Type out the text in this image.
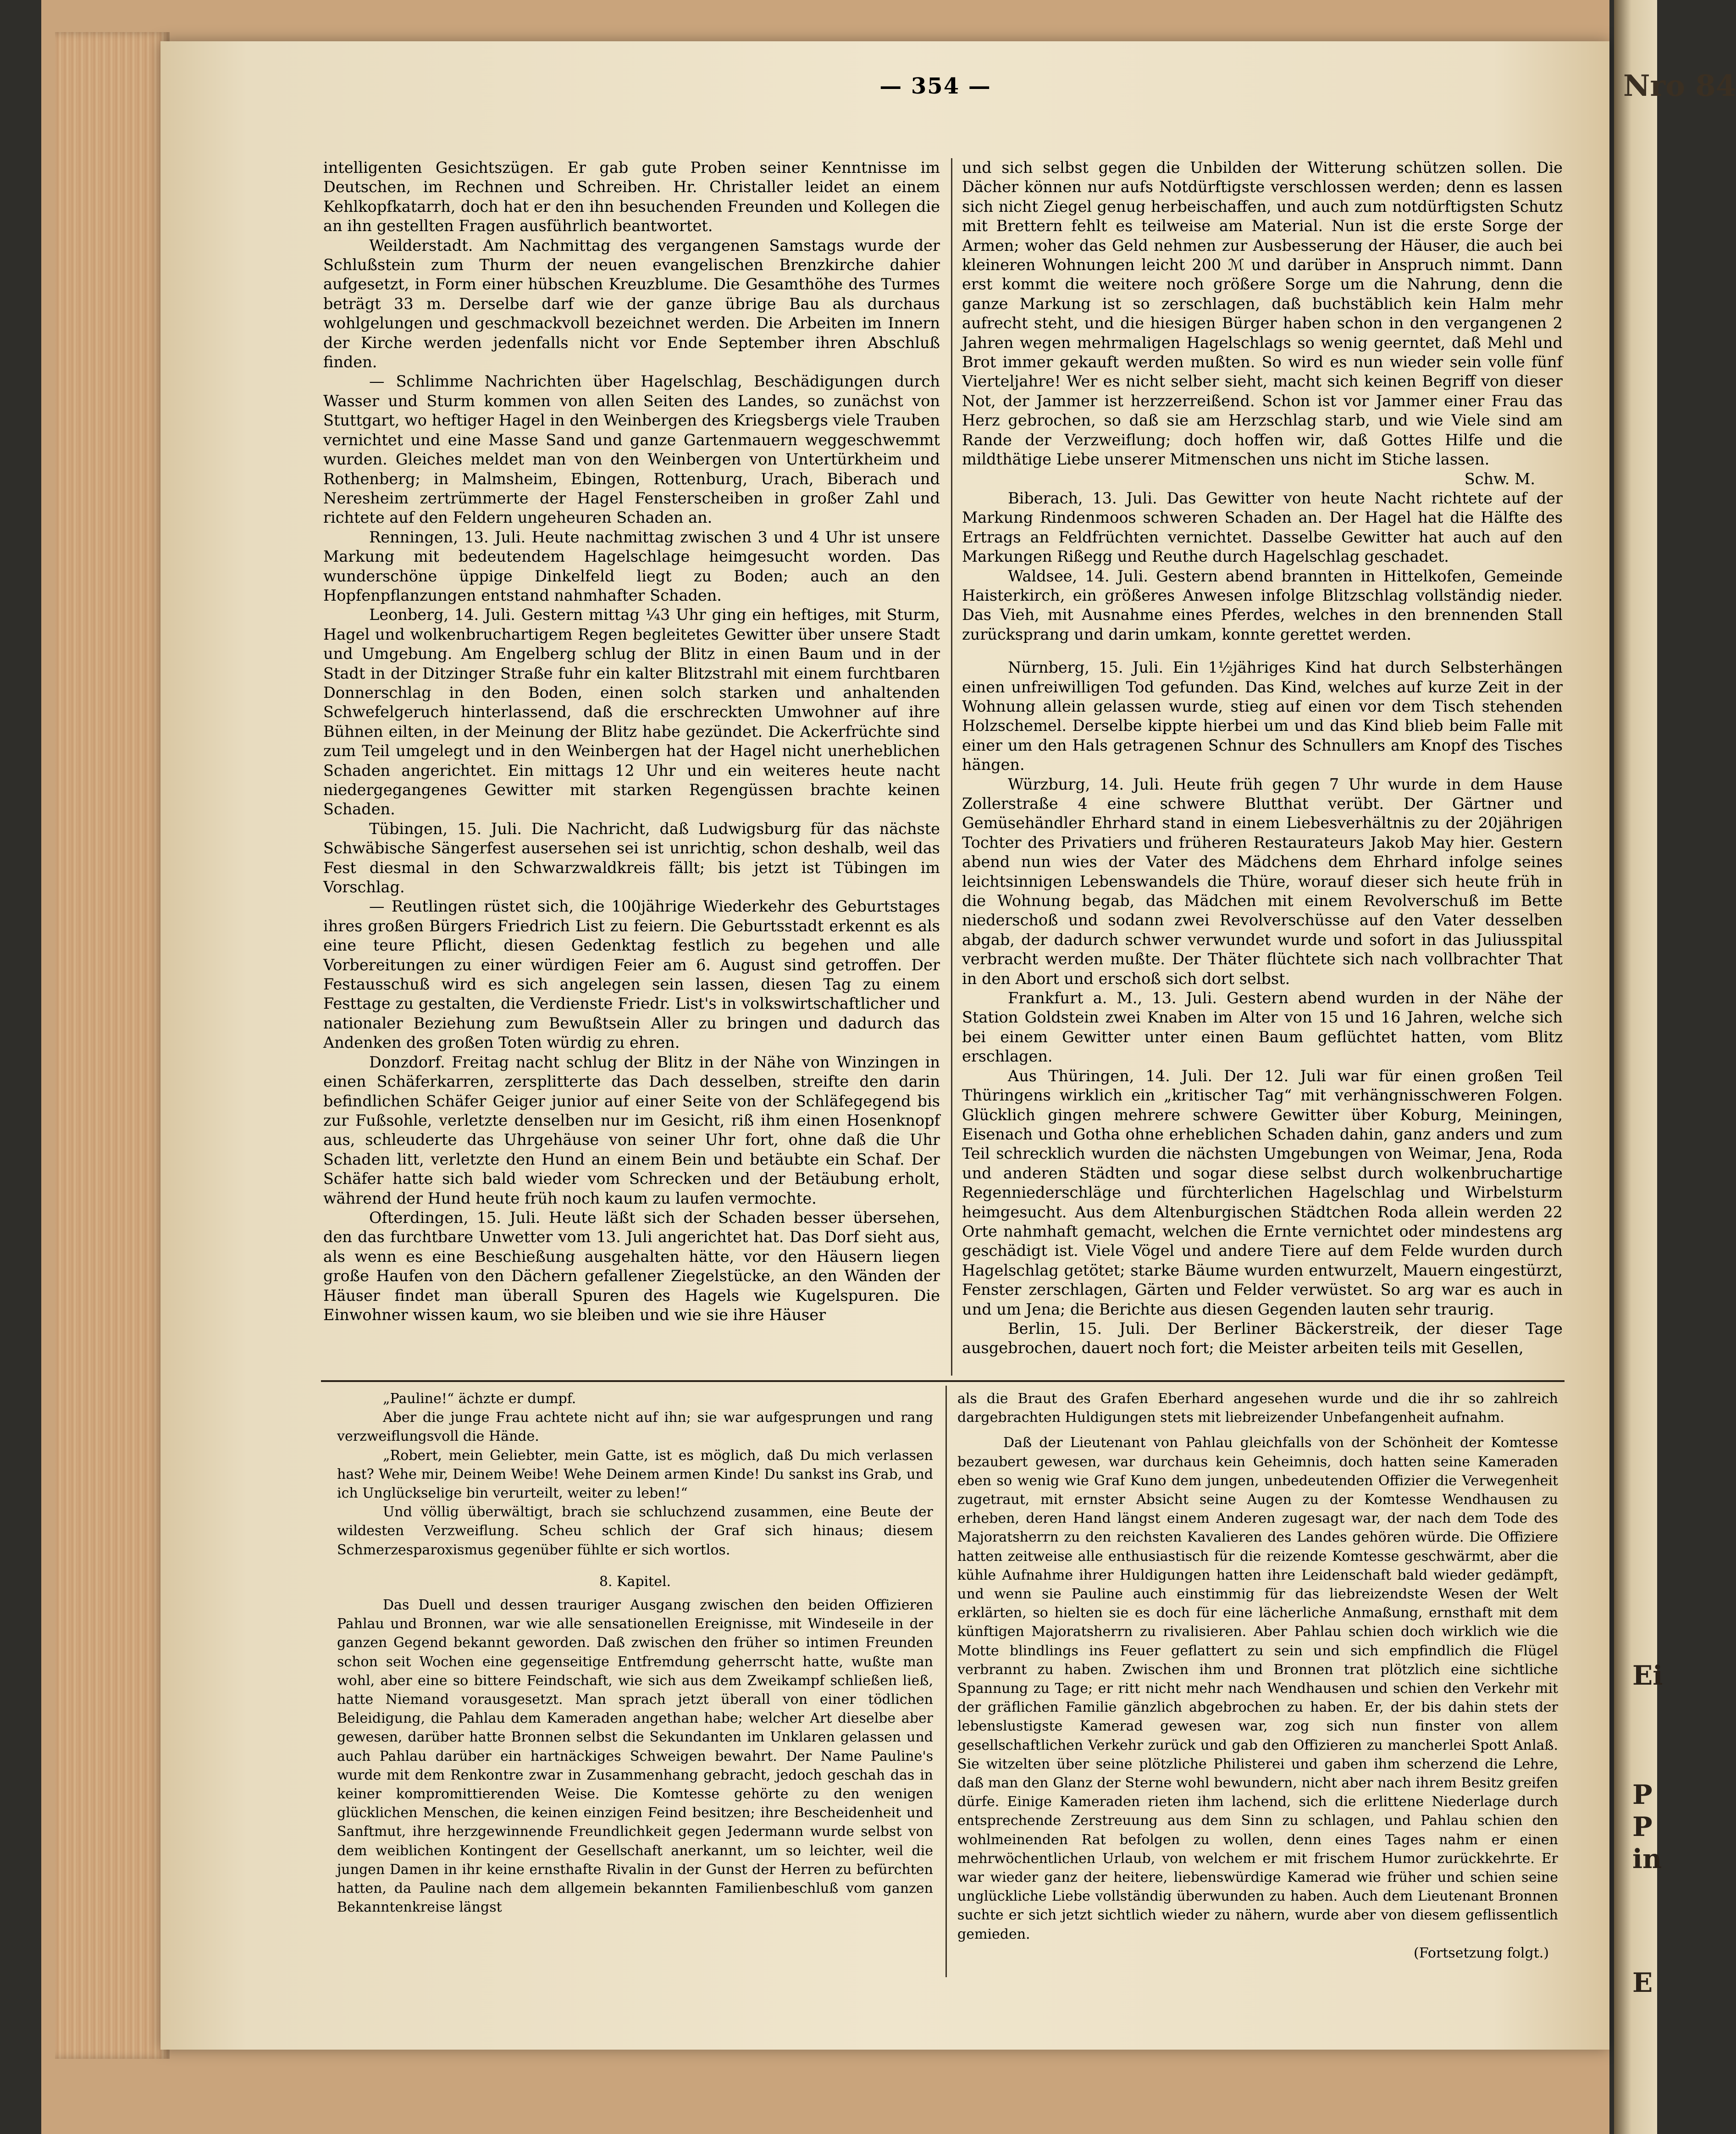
Nro 84
Ei
P
P
in
E
— 354 —

intelligenten Gesichtszügen. Er gab gute Proben seiner Kenntnisse im Deutschen, im Rechnen und Schreiben. Hr. Christaller leidet an einem Kehlkopfkatarrh, doch hat er den ihn besuchenden Freunden und Kollegen die an ihn gestellten Fragen ausführlich beantwortet.

Weilderstadt. Am Nachmittag des vergangenen Samstags wurde der Schlußstein zum Thurm der neuen evangelischen Brenzkirche dahier aufgesetzt, in Form einer hübschen Kreuzblume. Die Gesamthöhe des Turmes beträgt 33 m. Derselbe darf wie der ganze übrige Bau als durchaus wohlgelungen und geschmackvoll bezeichnet werden. Die Arbeiten im Innern der Kirche werden jedenfalls nicht vor Ende September ihren Abschluß finden.

— Schlimme Nachrichten über Hagelschlag, Beschädigungen durch Wasser und Sturm kommen von allen Seiten des Landes, so zunächst von Stuttgart, wo heftiger Hagel in den Weinbergen des Kriegsbergs viele Trauben vernichtet und eine Masse Sand und ganze Gartenmauern weggeschwemmt wurden. Gleiches meldet man von den Weinbergen von Untertürkheim und Rothenberg; in Malmsheim, Ebingen, Rottenburg, Urach, Biberach und Neresheim zertrümmerte der Hagel Fensterscheiben in großer Zahl und richtete auf den Feldern ungeheuren Schaden an.

Renningen, 13. Juli. Heute nachmittag zwischen 3 und 4 Uhr ist unsere Markung mit bedeutendem Hagelschlage heimgesucht worden. Das wunderschöne üppige Dinkelfeld liegt zu Boden; auch an den Hopfenpflanzungen entstand nahmhafter Schaden.

Leonberg, 14. Juli. Gestern mittag ¼3 Uhr ging ein heftiges, mit Sturm, Hagel und wolkenbruchartigem Regen begleitetes Gewitter über unsere Stadt und Umgebung. Am Engelberg schlug der Blitz in einen Baum und in der Stadt in der Ditzinger Straße fuhr ein kalter Blitzstrahl mit einem furchtbaren Donnerschlag in den Boden, einen solch starken und anhaltenden Schwefelgeruch hinterlassend, daß die erschreckten Umwohner auf ihre Bühnen eilten, in der Meinung der Blitz habe gezündet. Die Ackerfrüchte sind zum Teil umgelegt und in den Weinbergen hat der Hagel nicht unerheblichen Schaden angerichtet. Ein mittags 12 Uhr und ein weiteres heute nacht niedergegangenes Gewitter mit starken Regengüssen brachte keinen Schaden.

Tübingen, 15. Juli. Die Nachricht, daß Ludwigsburg für das nächste Schwäbische Sängerfest ausersehen sei ist unrichtig, schon deshalb, weil das Fest diesmal in den Schwarzwaldkreis fällt; bis jetzt ist Tübingen im Vorschlag.

— Reutlingen rüstet sich, die 100jährige Wiederkehr des Geburtstages ihres großen Bürgers Friedrich List zu feiern. Die Geburtsstadt erkennt es als eine teure Pflicht, diesen Gedenktag festlich zu begehen und alle Vorbereitungen zu einer würdigen Feier am 6. August sind getroffen. Der Festausschuß wird es sich angelegen sein lassen, diesen Tag zu einem Festtage zu gestalten, die Verdienste Friedr. List's in volkswirtschaftlicher und nationaler Beziehung zum Bewußtsein Aller zu bringen und dadurch das Andenken des großen Toten würdig zu ehren.

Donzdorf. Freitag nacht schlug der Blitz in der Nähe von Winzingen in einen Schäferkarren, zersplitterte das Dach desselben, streifte den darin befindlichen Schäfer Geiger junior auf einer Seite von der Schläfegegend bis zur Fußsohle, verletzte denselben nur im Gesicht, riß ihm einen Hosenknopf aus, schleuderte das Uhrgehäuse von seiner Uhr fort, ohne daß die Uhr Schaden litt, verletzte den Hund an einem Bein und betäubte ein Schaf. Der Schäfer hatte sich bald wieder vom Schrecken und der Betäubung erholt, während der Hund heute früh noch kaum zu laufen vermochte.

Ofterdingen, 15. Juli. Heute läßt sich der Schaden besser übersehen, den das furchtbare Unwetter vom 13. Juli angerichtet hat. Das Dorf sieht aus, als wenn es eine Beschießung ausgehalten hätte, vor den Häusern liegen große Haufen von den Dächern gefallener Ziegelstücke, an den Wänden der Häuser findet man überall Spuren des Hagels wie Kugelspuren. Die Einwohner wissen kaum, wo sie bleiben und wie sie ihre Häuser

und sich selbst gegen die Unbilden der Witterung schützen sollen. Die Dächer können nur aufs Notdürftigste verschlossen werden; denn es lassen sich nicht Ziegel genug herbeischaffen, und auch zum notdürftigsten Schutz mit Brettern fehlt es teilweise am Material. Nun ist die erste Sorge der Armen; woher das Geld nehmen zur Ausbesserung der Häuser, die auch bei kleineren Wohnungen leicht 200 ℳ und darüber in Anspruch nimmt. Dann erst kommt die weitere noch größere Sorge um die Nahrung, denn die ganze Markung ist so zerschlagen, daß buchstäblich kein Halm mehr aufrecht steht, und die hiesigen Bürger haben schon in den vergangenen 2 Jahren wegen mehrmaligen Hagelschlags so wenig geerntet, daß Mehl und Brot immer gekauft werden mußten. So wird es nun wieder sein volle fünf Vierteljahre! Wer es nicht selber sieht, macht sich keinen Begriff von dieser Not, der Jammer ist herzzerreißend. Schon ist vor Jammer einer Frau das Herz gebrochen, so daß sie am Herzschlag starb, und wie Viele sind am Rande der Verzweiflung; doch hoffen wir, daß Gottes Hilfe und die mildthätige Liebe unserer Mitmenschen uns nicht im Stiche lassen.

Schw. M.

Biberach, 13. Juli. Das Gewitter von heute Nacht richtete auf der Markung Rindenmoos schweren Schaden an. Der Hagel hat die Hälfte des Ertrags an Feldfrüchten vernichtet. Dasselbe Gewitter hat auch auf den Markungen Rißegg und Reuthe durch Hagelschlag geschadet.

Waldsee, 14. Juli. Gestern abend brannten in Hittelkofen, Gemeinde Haisterkirch, ein größeres Anwesen infolge Blitzschlag vollständig nieder. Das Vieh, mit Ausnahme eines Pferdes, welches in den brennenden Stall zurücksprang und darin umkam, konnte gerettet werden.

Nürnberg, 15. Juli. Ein 1½jähriges Kind hat durch Selbsterhängen einen unfreiwilligen Tod gefunden. Das Kind, welches auf kurze Zeit in der Wohnung allein gelassen wurde, stieg auf einen vor dem Tisch stehenden Holzschemel. Derselbe kippte hierbei um und das Kind blieb beim Falle mit einer um den Hals getragenen Schnur des Schnullers am Knopf des Tisches hängen.

Würzburg, 14. Juli. Heute früh gegen 7 Uhr wurde in dem Hause Zollerstraße 4 eine schwere Blutthat verübt. Der Gärtner und Gemüsehändler Ehrhard stand in einem Liebesverhältnis zu der 20jährigen Tochter des Privatiers und früheren Restaurateurs Jakob May hier. Gestern abend nun wies der Vater des Mädchens dem Ehrhard infolge seines leichtsinnigen Lebenswandels die Thüre, worauf dieser sich heute früh in die Wohnung begab, das Mädchen mit einem Revolverschuß im Bette niederschoß und sodann zwei Revolverschüsse auf den Vater desselben abgab, der dadurch schwer verwundet wurde und sofort in das Juliusspital verbracht werden mußte. Der Thäter flüchtete sich nach vollbrachter That in den Abort und erschoß sich dort selbst.

Frankfurt a. M., 13. Juli. Gestern abend wurden in der Nähe der Station Goldstein zwei Knaben im Alter von 15 und 16 Jahren, welche sich bei einem Gewitter unter einen Baum geflüchtet hatten, vom Blitz erschlagen.

Aus Thüringen, 14. Juli. Der 12. Juli war für einen großen Teil Thüringens wirklich ein „kritischer Tag“ mit verhängnisschweren Folgen. Glücklich gingen mehrere schwere Gewitter über Koburg, Meiningen, Eisenach und Gotha ohne erheblichen Schaden dahin, ganz anders und zum Teil schrecklich wurden die nächsten Umgebungen von Weimar, Jena, Roda und anderen Städten und sogar diese selbst durch wolkenbruchartige Regenniederschläge und fürchterlichen Hagelschlag und Wirbelsturm heimgesucht. Aus dem Altenburgischen Städtchen Roda allein werden 22 Orte nahmhaft gemacht, welchen die Ernte vernichtet oder mindestens arg geschädigt ist. Viele Vögel und andere Tiere auf dem Felde wurden durch Hagelschlag getötet; starke Bäume wurden entwurzelt, Mauern eingestürzt, Fenster zerschlagen, Gärten und Felder verwüstet. So arg war es auch in und um Jena; die Berichte aus diesen Gegenden lauten sehr traurig.

Berlin, 15. Juli. Der Berliner Bäckerstreik, der dieser Tage ausgebrochen, dauert noch fort; die Meister arbeiten teils mit Gesellen,

„Pauline!“ ächzte er dumpf.

Aber die junge Frau achtete nicht auf ihn; sie war aufgesprungen und rang verzweiflungsvoll die Hände.

„Robert, mein Geliebter, mein Gatte, ist es möglich, daß Du mich verlassen hast? Wehe mir, Deinem Weibe! Wehe Deinem armen Kinde! Du sankst ins Grab, und ich Unglückselige bin verurteilt, weiter zu leben!“

Und völlig überwältigt, brach sie schluchzend zusammen, eine Beute der wildesten Verzweiflung. Scheu schlich der Graf sich hinaus; diesem Schmerzesparoxismus gegenüber fühlte er sich wortlos.

8. Kapitel.

Das Duell und dessen trauriger Ausgang zwischen den beiden Offizieren Pahlau und Bronnen, war wie alle sensationellen Ereignisse, mit Windeseile in der ganzen Gegend bekannt geworden. Daß zwischen den früher so intimen Freunden schon seit Wochen eine gegenseitige Entfremdung geherrscht hatte, wußte man wohl, aber eine so bittere Feindschaft, wie sich aus dem Zweikampf schließen ließ, hatte Niemand vorausgesetzt. Man sprach jetzt überall von einer tödlichen Beleidigung, die Pahlau dem Kameraden angethan habe; welcher Art dieselbe aber gewesen, darüber hatte Bronnen selbst die Sekundanten im Unklaren gelassen und auch Pahlau darüber ein hartnäckiges Schweigen bewahrt. Der Name Pauline's wurde mit dem Renkontre zwar in Zusammenhang gebracht, jedoch geschah das in keiner kompromittierenden Weise. Die Komtesse gehörte zu den wenigen glücklichen Menschen, die keinen einzigen Feind besitzen; ihre Bescheidenheit und Sanftmut, ihre herzgewinnende Freundlichkeit gegen Jedermann wurde selbst von dem weiblichen Kontingent der Gesellschaft anerkannt, um so leichter, weil die jungen Damen in ihr keine ernsthafte Rivalin in der Gunst der Herren zu befürchten hatten, da Pauline nach dem allgemein bekannten Familienbeschluß vom ganzen Bekanntenkreise längst

als die Braut des Grafen Eberhard angesehen wurde und die ihr so zahlreich dargebrachten Huldigungen stets mit liebreizender Unbefangenheit aufnahm.

Daß der Lieutenant von Pahlau gleichfalls von der Schönheit der Komtesse bezaubert gewesen, war durchaus kein Geheimnis, doch hatten seine Kameraden eben so wenig wie Graf Kuno dem jungen, unbedeutenden Offizier die Verwegenheit zugetraut, mit ernster Absicht seine Augen zu der Komtesse Wendhausen zu erheben, deren Hand längst einem Anderen zugesagt war, der nach dem Tode des Majoratsherrn zu den reichsten Kavalieren des Landes gehören würde. Die Offiziere hatten zeitweise alle enthusiastisch für die reizende Komtesse geschwärmt, aber die kühle Aufnahme ihrer Huldigungen hatten ihre Leidenschaft bald wieder gedämpft, und wenn sie Pauline auch einstimmig für das liebreizendste Wesen der Welt erklärten, so hielten sie es doch für eine lächerliche Anmaßung, ernsthaft mit dem künftigen Majoratsherrn zu rivalisieren. Aber Pahlau schien doch wirklich wie die Motte blindlings ins Feuer geflattert zu sein und sich empfindlich die Flügel verbrannt zu haben. Zwischen ihm und Bronnen trat plötzlich eine sichtliche Spannung zu Tage; er ritt nicht mehr nach Wendhausen und schien den Verkehr mit der gräflichen Familie gänzlich abgebrochen zu haben. Er, der bis dahin stets der lebenslustigste Kamerad gewesen war, zog sich nun finster von allem gesellschaftlichen Verkehr zurück und gab den Offizieren zu mancherlei Spott Anlaß. Sie witzelten über seine plötzliche Philisterei und gaben ihm scherzend die Lehre, daß man den Glanz der Sterne wohl bewundern, nicht aber nach ihrem Besitz greifen dürfe. Einige Kameraden rieten ihm lachend, sich die erlittene Niederlage durch entsprechende Zerstreuung aus dem Sinn zu schlagen, und Pahlau schien den wohlmeinenden Rat befolgen zu wollen, denn eines Tages nahm er einen mehrwöchentlichen Urlaub, von welchem er mit frischem Humor zurückkehrte. Er war wieder ganz der heitere, liebenswürdige Kamerad wie früher und schien seine unglückliche Liebe vollständig überwunden zu haben. Auch dem Lieutenant Bronnen suchte er sich jetzt sichtlich wieder zu nähern, wurde aber von diesem geflissentlich gemieden.

(Fortsetzung folgt.)
